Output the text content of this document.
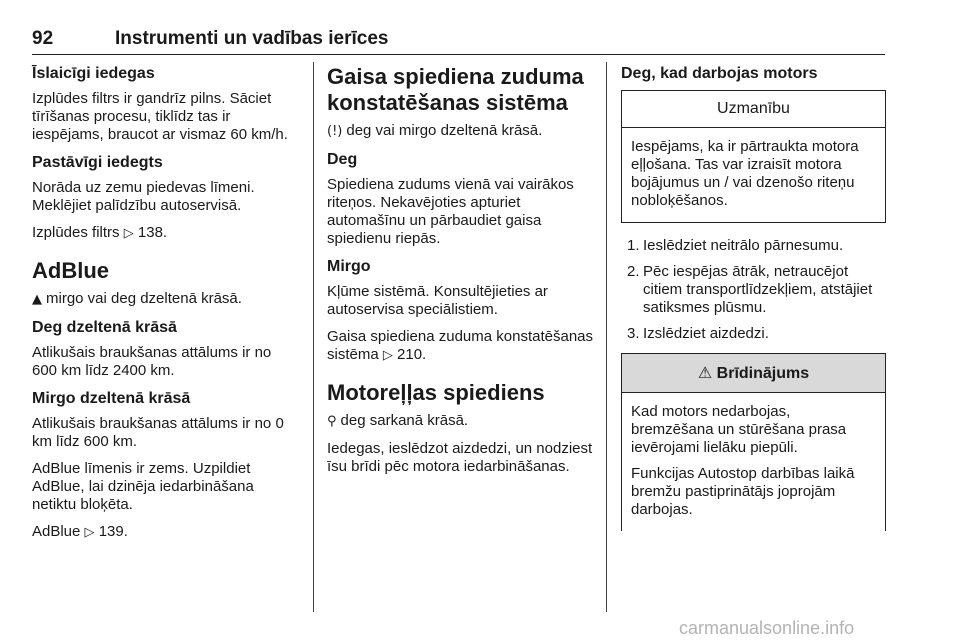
92	Instrumenti un vadības ierīces
Īslaicīgi iedegas

Izplūdes filtrs ir gandrīz pilns. Sāciet tīrīšanas procesu, tiklīdz tas ir iespējams, braucot ar vismaz 60 km/h.

Pastāvīgi iedegts

Norāda uz zemu piedevas līmeni. Meklējiet palīdzību autoservisā.

Izplūdes filtrs ▷ 138.

AdBlue

▲ mirgo vai deg dzeltenā krāsā.

Deg dzeltenā krāsā

Atlikušais braukšanas attālums ir no 600 km līdz 2400 km.

Mirgo dzeltenā krāsā

Atlikušais braukšanas attālums ir no 0 km līdz 600 km.

AdBlue līmenis ir zems. Uzpildiet AdBlue, lai dzinēja iedarbināšana netiktu bloķēta.

AdBlue ▷ 139.

Gaisa spiediena zuduma konstatēšanas sistēma

(!) deg vai mirgo dzeltenā krāsā.

Deg

Spiediena zudums vienā vai vairākos riteņos. Nekavējoties apturiet automašīnu un pārbaudiet gaisa spiedienu riepās.

Mirgo

Kļūme sistēmā. Konsultējieties ar autoservisa speciālistiem.

Gaisa spiediena zuduma konstatēšanas sistēma ▷ 210.

Motoreļļas spiediens

⚲ deg sarkanā krāsā.

Iedegas, ieslēdzot aizdedzi, un nodziest īsu brīdi pēc motora iedarbināšanas.

Deg, kad darbojas motors
Uzmanību

Iespējams, ka ir pārtraukta motora eļļošana. Tas var izraisīt motora bojājumus un / vai dzenošo riteņu nobloķēšanos.

1. Ieslēdziet neitrālo pārnesumu.
2. Pēc iespējas ātrāk, netraucējot citiem transportlīdzekļiem, atstājiet satiksmes plūsmu.
3. Izslēdziet aizdedzi.
⚠ Brīdinājums

Kad motors nedarbojas, bremzēšana un stūrēšana prasa ievērojami lielāku piepūli.

Funkcijas Autostop darbības laikā bremžu pastiprinātājs joprojām darbojas.

carmanualsonline.info
